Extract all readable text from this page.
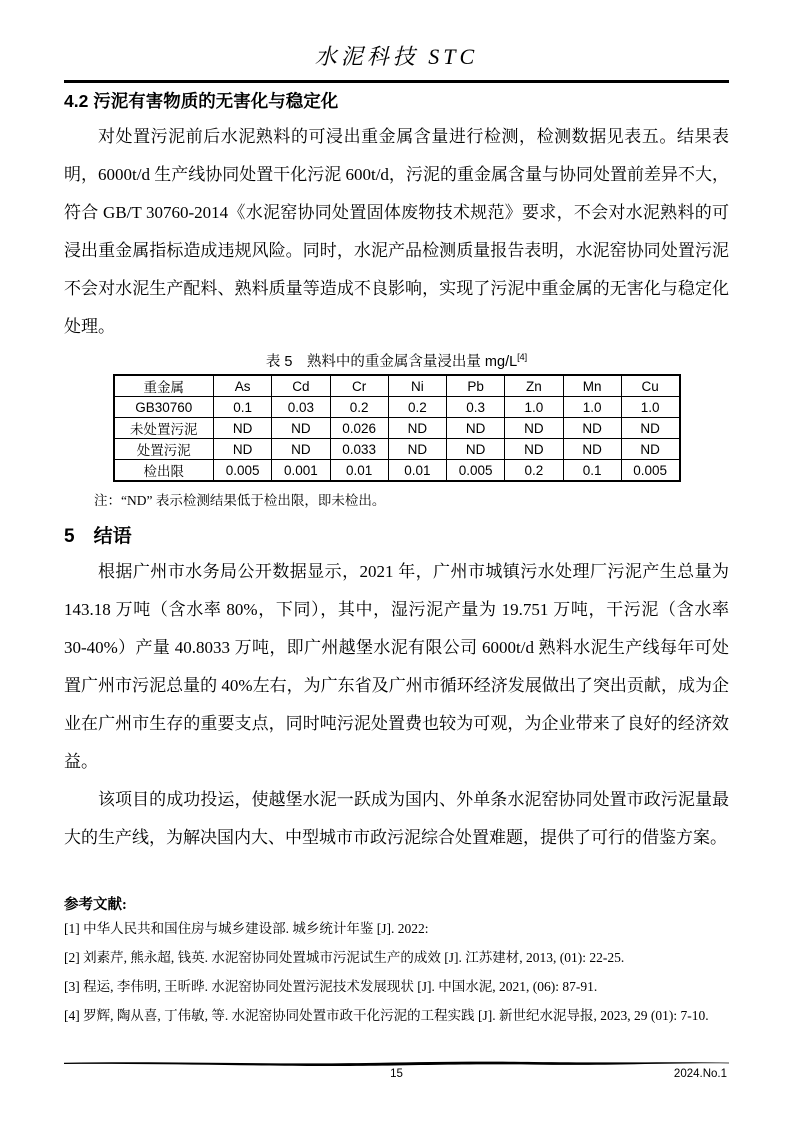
水泥科技 STC
4.2 污泥有害物质的无害化与稳定化

对处置污泥前后水泥熟料的可浸出重金属含量进行检测，检测数据见表五。结果表明，6000t/d 生产线协同处置干化污泥 600t/d，污泥的重金属含量与协同处置前差异不大，符合 GB/T 30760-2014《水泥窑协同处置固体废物技术规范》要求，不会对水泥熟料的可浸出重金属指标造成违规风险。同时，水泥产品检测质量报告表明，水泥窑协同处置污泥不会对水泥生产配料、熟料质量等造成不良影响，实现了污泥中重金属的无害化与稳定化处理。

表 5　熟料中的重金属含量浸出量 mg/L[4]
重金属	As	Cd	Cr	Ni	Pb	Zn	Mn	Cu
GB30760	0.1	0.03	0.2	0.2	0.3	1.0	1.0	1.0
未处置污泥	ND	ND	0.026	ND	ND	ND	ND	ND
处置污泥	ND	ND	0.033	ND	ND	ND	ND	ND
检出限	0.005	0.001	0.01	0.01	0.005	0.2	0.1	0.005
注：“ND” 表示检测结果低于检出限，即未检出。
5　结语

根据广州市水务局公开数据显示，2021 年，广州市城镇污水处理厂污泥产生总量为 143.18 万吨（含水率 80%，下同），其中，湿污泥产量为 19.751 万吨，干污泥（含水率 30-40%）产量 40.8033 万吨，即广州越堡水泥有限公司 6000t/d 熟料水泥生产线每年可处置广州市污泥总量的 40%左右，为广东省及广州市循环经济发展做出了突出贡献，成为企业在广州市生存的重要支点，同时吨污泥处置费也较为可观，为企业带来了良好的经济效益。

该项目的成功投运，使越堡水泥一跃成为国内、外单条水泥窑协同处置市政污泥量最大的生产线，为解决国内大、中型城市市政污泥综合处置难题，提供了可行的借鉴方案。

参考文献:

[1] 中华人民共和国住房与城乡建设部. 城乡统计年鉴 [J]. 2022:

[2] 刘素芹, 熊永超, 钱英. 水泥窑协同处置城市污泥试生产的成效 [J]. 江苏建材, 2013, (01): 22-25.

[3] 程运, 李伟明, 王昕晔. 水泥窑协同处置污泥技术发展现状 [J]. 中国水泥, 2021, (06): 87-91.

[4] 罗辉, 陶从喜, 丁伟敏, 等. 水泥窑协同处置市政干化污泥的工程实践 [J]. 新世纪水泥导报, 2023, 29 (01): 7-10.

15	2024.No.1
